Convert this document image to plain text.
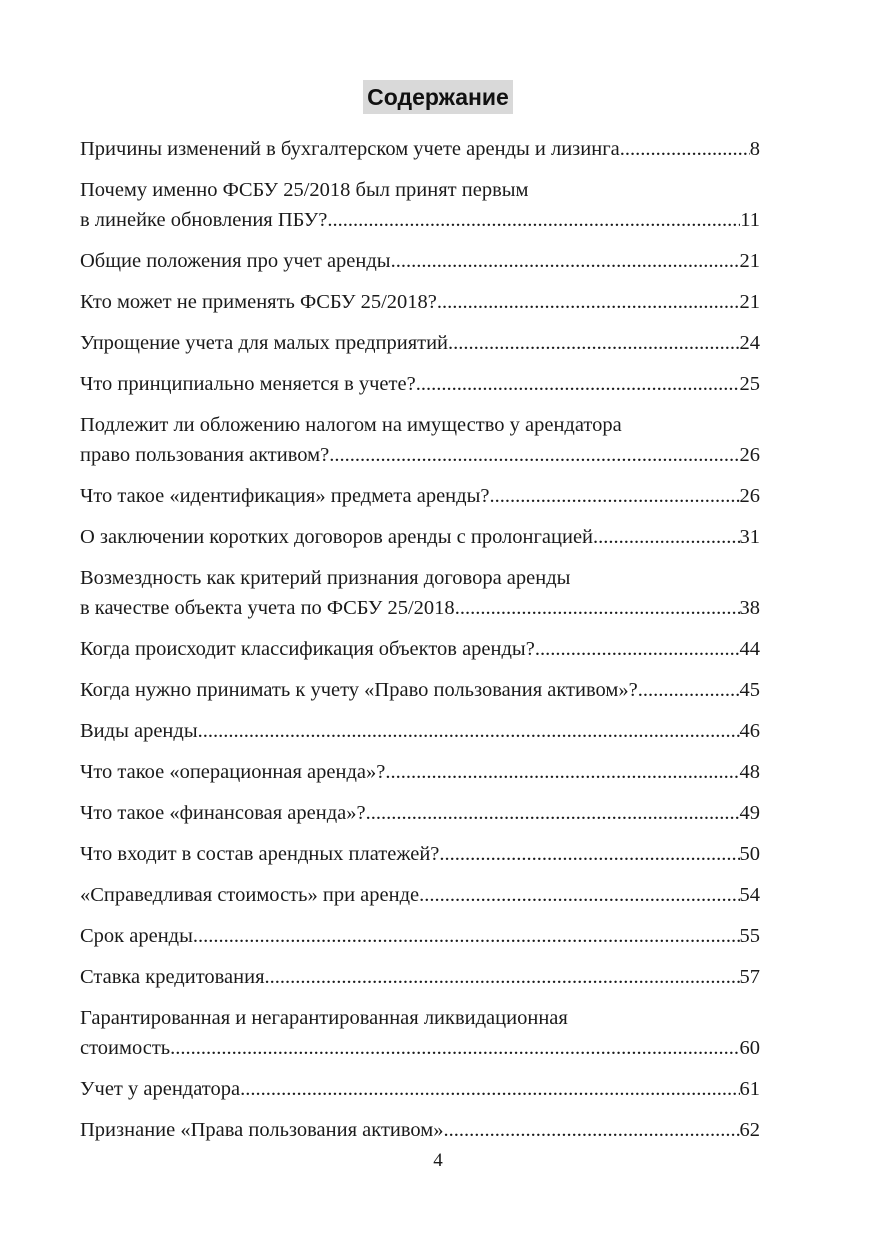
Содержание
Причины изменений в бухгалтерском учете аренды и лизинга .....	8
Почему именно ФСБУ 25/2018 был принят первым
в линейке обновления ПБУ? .....	11
Общие положения про учет аренды .....	21
Кто может не применять ФСБУ 25/2018? .....	21
Упрощение учета для малых предприятий .....	24
Что принципиально меняется в учете? .....	25
Подлежит ли обложению налогом на имущество у арендатора
право пользования активом? .....	26
Что такое «идентификация» предмета аренды? .....	26
О заключении коротких договоров аренды с пролонгацией .....	31
Возмездность как критерий признания договора аренды
в качестве объекта учета по ФСБУ 25/2018 .....	38
Когда происходит классификация объектов аренды? .....	44
Когда нужно принимать к учету «Право пользования активом»? .....	45
Виды аренды .....	46
Что такое «операционная аренда»? .....	48
Что такое «финансовая аренда»? .....	49
Что входит в состав арендных платежей? .....	50
«Справедливая стоимость» при аренде .....	54
Срок аренды .....	55
Ставка кредитования .....	57
Гарантированная и негарантированная ликвидационная
стоимость .....	60
Учет у арендатора .....	61
Признание «Права пользования активом» .....	62
4
